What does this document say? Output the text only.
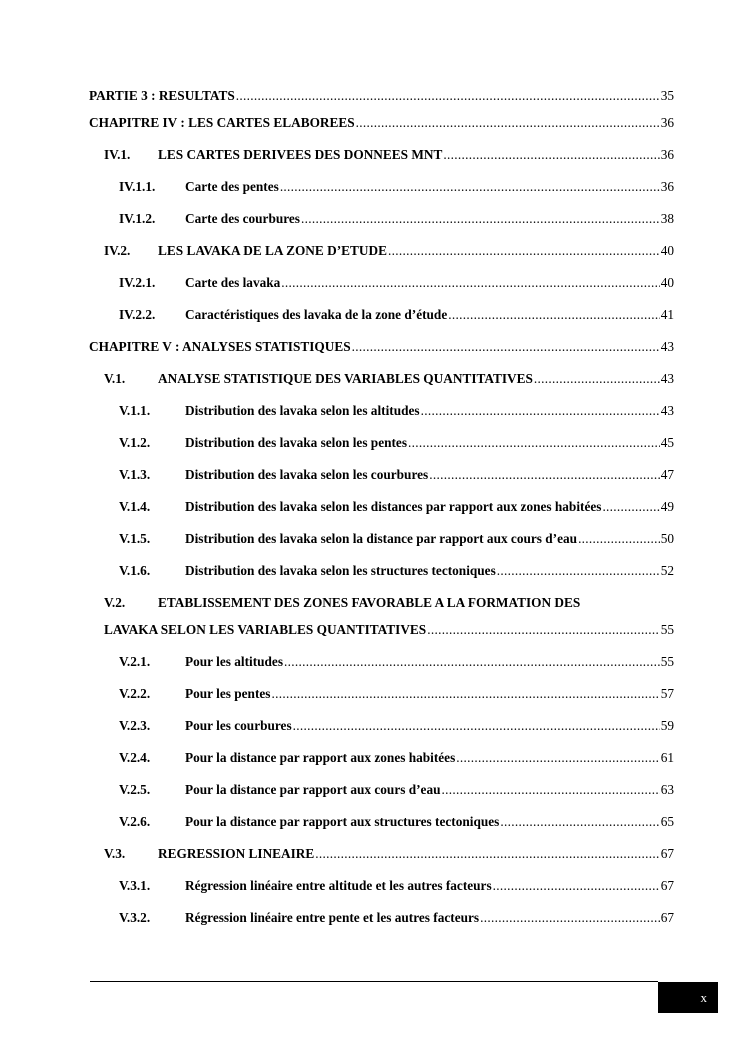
PARTIE 3 : RESULTATS .....	35
CHAPITRE IV : LES CARTES ELABOREES .....	36
IV.1.	LES CARTES DERIVEES DES DONNEES MNT .....	36
IV.1.1.	Carte des pentes .....	36
IV.1.2.	Carte des courbures .....	38
IV.2.	LES LAVAKA DE LA ZONE D’ETUDE .....	40
IV.2.1.	Carte des lavaka .....	40
IV.2.2.	Caractéristiques des lavaka de la zone d’étude .....	41
CHAPITRE V : ANALYSES STATISTIQUES .....	43
V.1.	ANALYSE STATISTIQUE DES VARIABLES QUANTITATIVES .....	43
V.1.1.	Distribution des lavaka selon les altitudes .....	43
V.1.2.	Distribution des lavaka selon les pentes .....	45
V.1.3.	Distribution des lavaka selon les courbures .....	47
V.1.4.	Distribution des lavaka selon les distances par rapport aux zones habitées .....	49
V.1.5.	Distribution des lavaka selon la distance par rapport aux cours d’eau .....	50
V.1.6.	Distribution des lavaka selon les structures tectoniques .....	52
V.2.	ETABLISSEMENT DES ZONES FAVORABLE A LA FORMATION DES
LAVAKA SELON LES VARIABLES QUANTITATIVES .....	55
V.2.1.	Pour les altitudes .....	55
V.2.2.	Pour les pentes .....	57
V.2.3.	Pour les courbures .....	59
V.2.4.	Pour la distance par rapport aux zones habitées .....	61
V.2.5.	Pour la distance par rapport aux cours d’eau .....	63
V.2.6.	Pour la distance par rapport aux structures tectoniques .....	65
V.3.	REGRESSION LINEAIRE .....	67
V.3.1.	Régression linéaire entre altitude et les autres facteurs .....	67
V.3.2.	Régression linéaire entre pente et les autres facteurs .....	67
x
